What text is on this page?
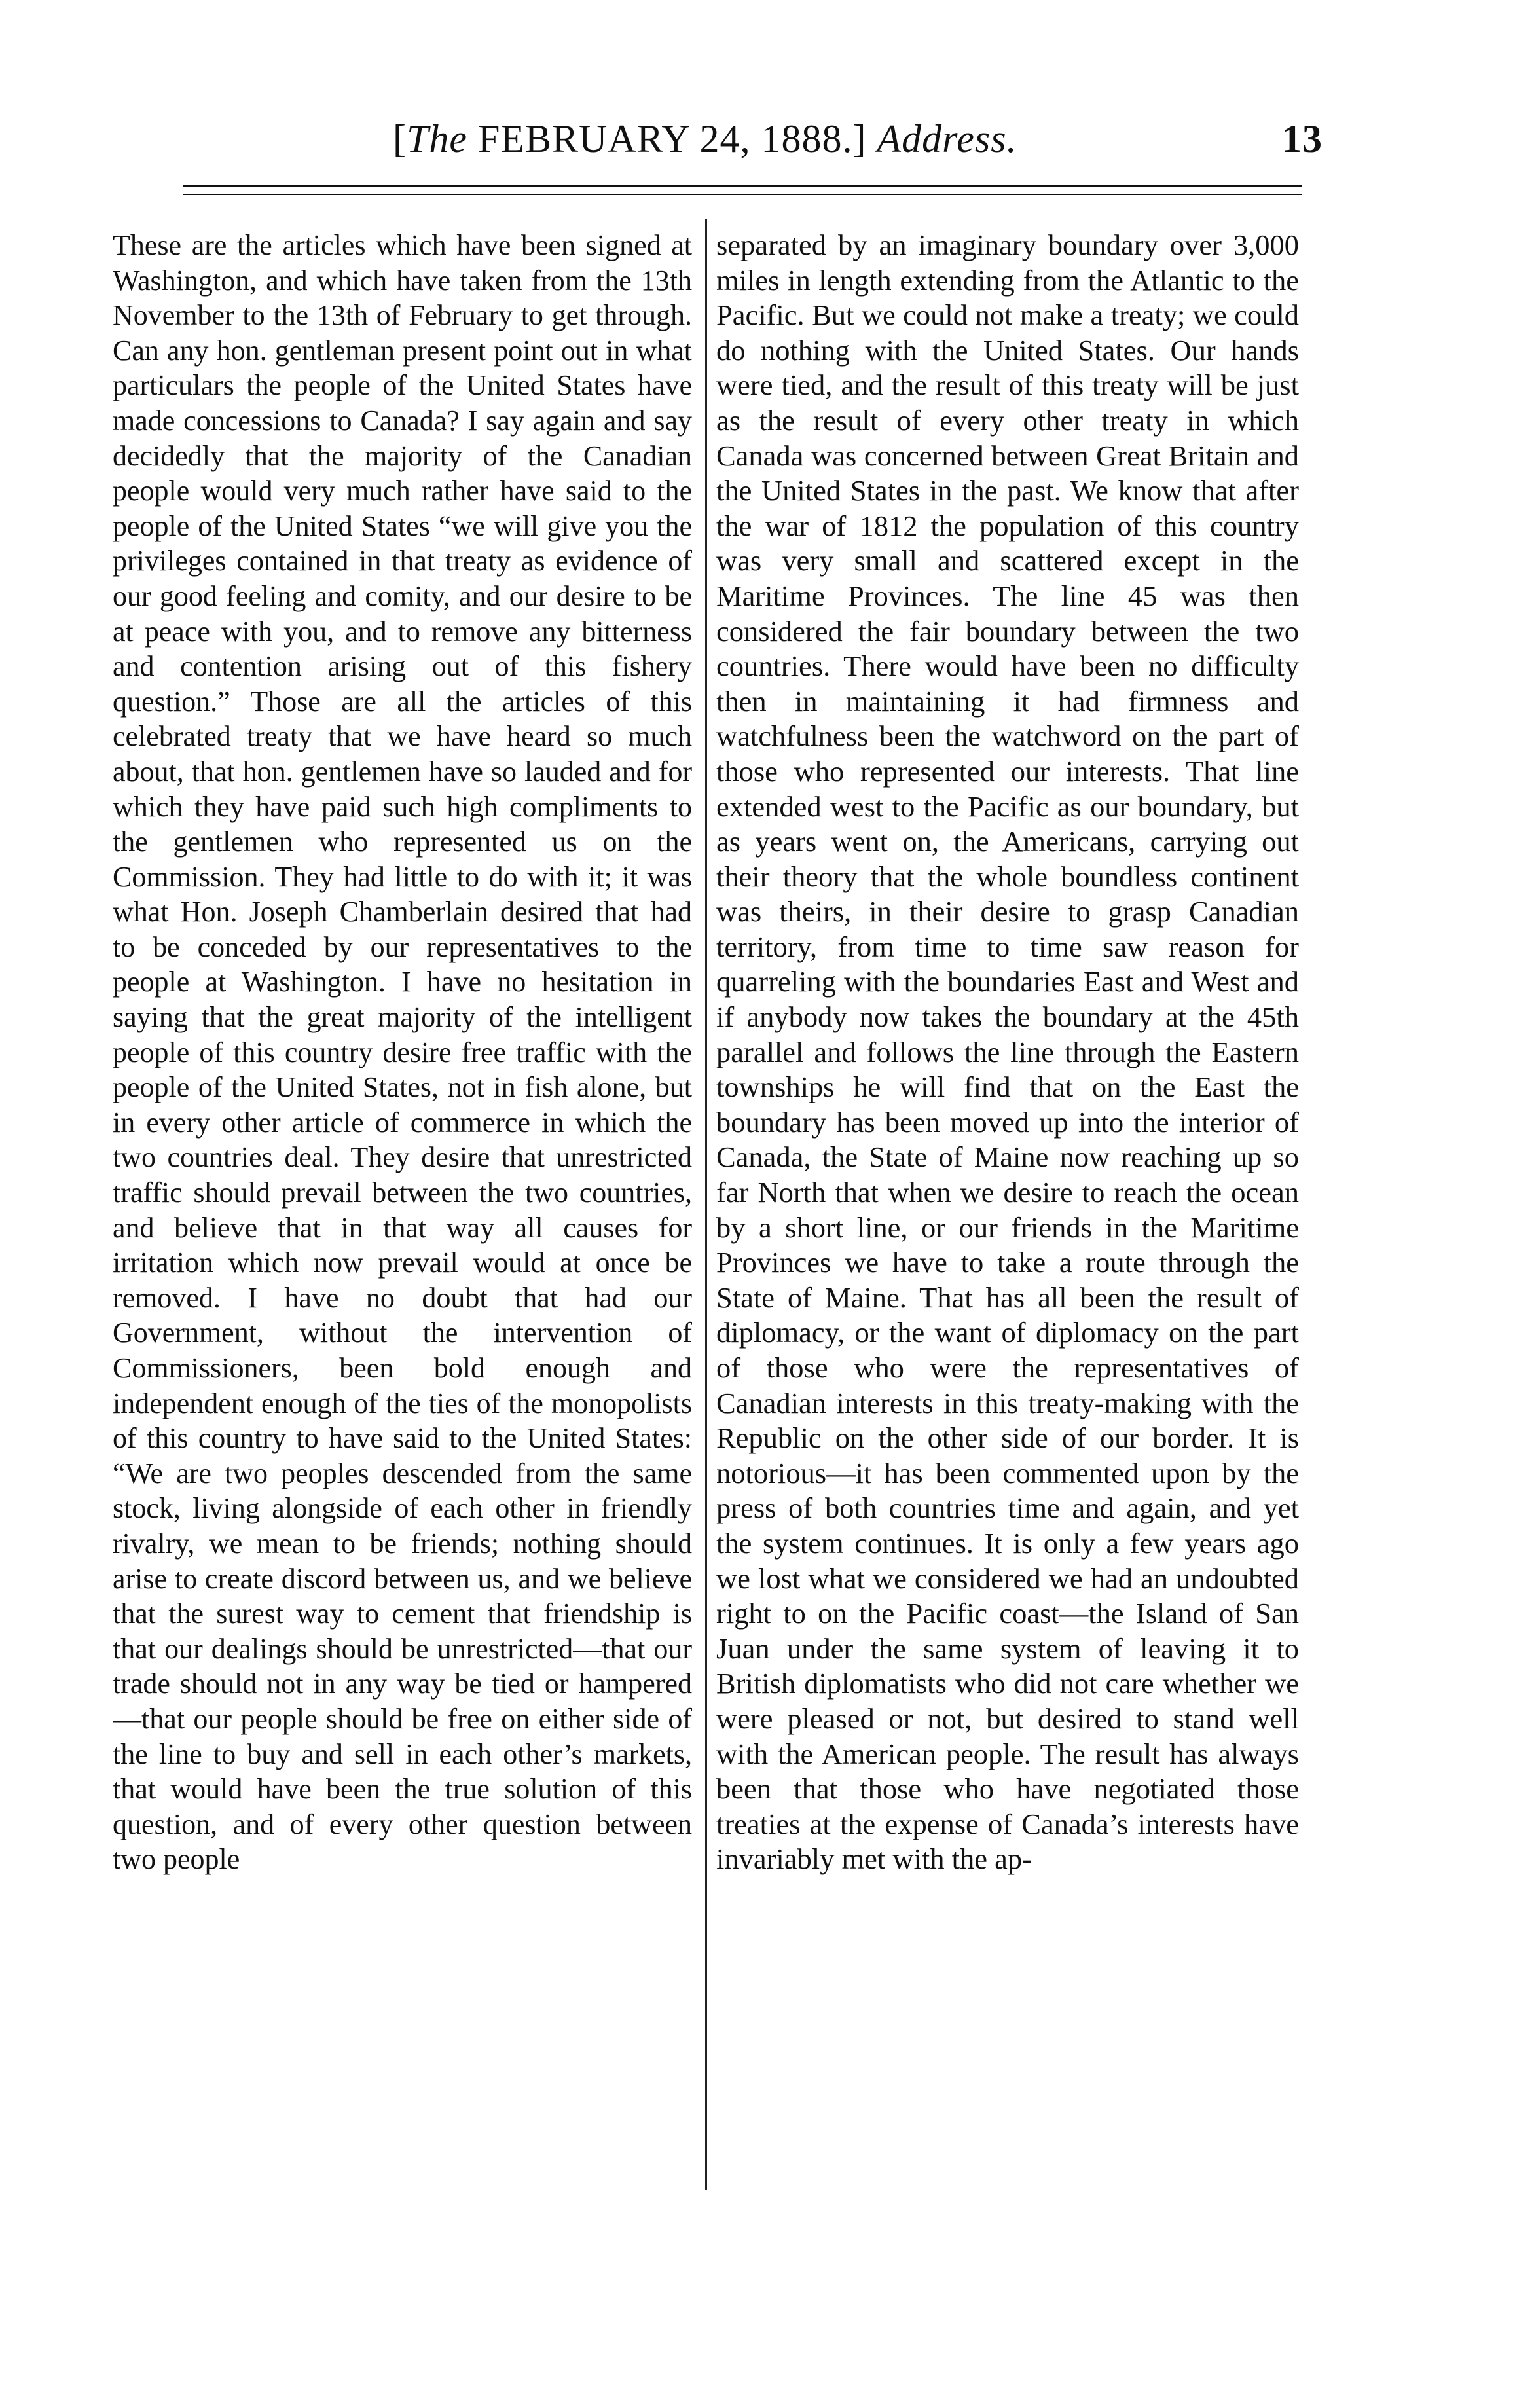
[The FEBRUARY 24, 1888.] Address.	13

These are the articles which have been signed at Washington, and which have taken from the 13th November to the 13th of February to get through. Can any hon. gentleman present point out in what particulars the people of the United States have made concessions to Canada? I say again and say decidedly that the majority of the Canadian people would very much rather have said to the people of the United States “we will give you the privileges contained in that treaty as evidence of our good feeling and comity, and our desire to be at peace with you, and to remove any bitterness and contention arising out of this fishery question.” Those are all the articles of this celebrated treaty that we have heard so much about, that hon. gentlemen have so lauded and for which they have paid such high compliments to the gentlemen who represented us on the Commission. They had little to do with it; it was what Hon. Joseph Chamberlain desired that had to be conceded by our representatives to the people at Washington. I have no hesitation in saying that the great majority of the intelligent people of this country desire free traffic with the people of the United States, not in fish alone, but in every other article of commerce in which the two countries deal. They desire that unrestricted traffic should prevail between the two countries, and believe that in that way all causes for irritation which now prevail would at once be removed. I have no doubt that had our Government, without the intervention of Commissioners, been bold enough and independent enough of the ties of the monopolists of this country to have said to the United States: “We are two peoples descended from the same stock, living alongside of each other in friendly rivalry, we mean to be friends; nothing should arise to create discord between us, and we believe that the surest way to cement that friendship is that our dealings should be unrestricted—that our trade should not in any way be tied or hampered—that our people should be free on either side of the line to buy and sell in each other’s markets, that would have been the true solution of this question, and of every other question between two people

separated by an imaginary boundary over 3,000 miles in length extending from the Atlantic to the Pacific. But we could not make a treaty; we could do nothing with the United States. Our hands were tied, and the result of this treaty will be just as the result of every other treaty in which Canada was concerned between Great Britain and the United States in the past. We know that after the war of 1812 the population of this country was very small and scattered except in the Maritime Provinces. The line 45 was then considered the fair boundary between the two countries. There would have been no difficulty then in maintaining it had firmness and watchfulness been the watchword on the part of those who represented our interests. That line extended west to the Pacific as our boundary, but as years went on, the Americans, carrying out their theory that the whole boundless continent was theirs, in their desire to grasp Canadian territory, from time to time saw reason for quarreling with the boundaries East and West and if anybody now takes the boundary at the 45th parallel and follows the line through the Eastern townships he will find that on the East the boundary has been moved up into the interior of Canada, the State of Maine now reaching up so far North that when we desire to reach the ocean by a short line, or our friends in the Maritime Provinces we have to take a route through the State of Maine. That has all been the result of diplomacy, or the want of diplomacy on the part of those who were the representatives of Canadian interests in this treaty-making with the Republic on the other side of our border. It is notorious—it has been commented upon by the press of both countries time and again, and yet the system continues. It is only a few years ago we lost what we considered we had an undoubted right to on the Pacific coast—the Island of San Juan under the same system of leaving it to British diplomatists who did not care whether we were pleased or not, but desired to stand well with the American people. The result has always been that those who have negotiated those treaties at the expense of Canada’s interests have invariably met with the ap-
